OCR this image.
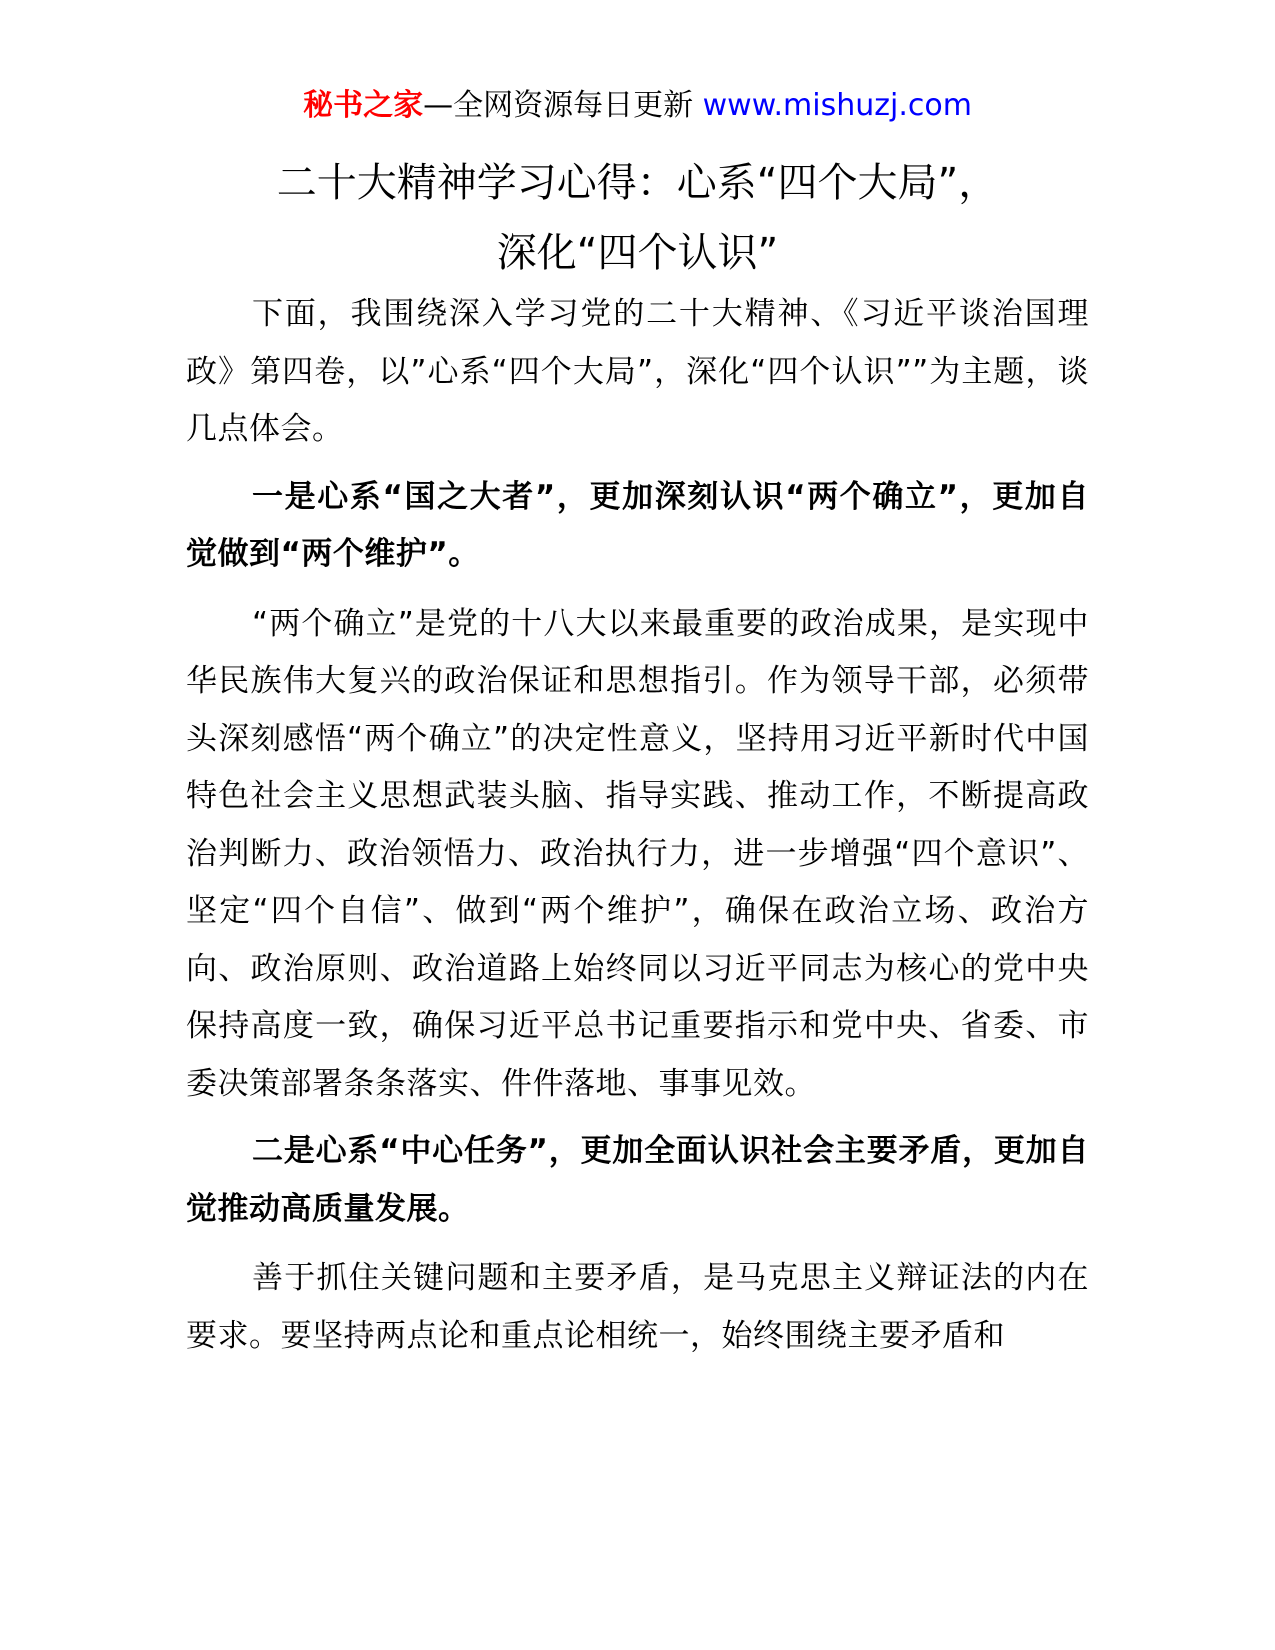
秘书之家—全网资源每日更新 www.mishuzj.com
二十大精神学习心得：心系“四个大局”，
深化“四个认识”

下面，我围绕深入学习党的二十大精神、《习近平谈治国理政》第四卷，以”心系“四个大局”，深化“四个认识””为主题，谈几点体会。

一是心系“国之大者”，更加深刻认识“两个确立”，更加自觉做到“两个维护”。

“两个确立”是党的十八大以来最重要的政治成果，是实现中华民族伟大复兴的政治保证和思想指引。作为领导干部，必须带头深刻感悟“两个确立”的决定性意义，坚持用习近平新时代中国特色社会主义思想武装头脑、指导实践、推动工作，不断提高政治判断力、政治领悟力、政治执行力，进一步增强“四个意识”、坚定“四个自信”、做到“两个维护”，确保在政治立场、政治方向、政治原则、政治道路上始终同以习近平同志为核心的党中央保持高度一致，确保习近平总书记重要指示和党中央、省委、市委决策部署条条落实、件件落地、事事见效。

二是心系“中心任务”，更加全面认识社会主要矛盾，更加自觉推动高质量发展。

善于抓住关键问题和主要矛盾，是马克思主义辩证法的内在要求。要坚持两点论和重点论相统一，始终围绕主要矛盾和
